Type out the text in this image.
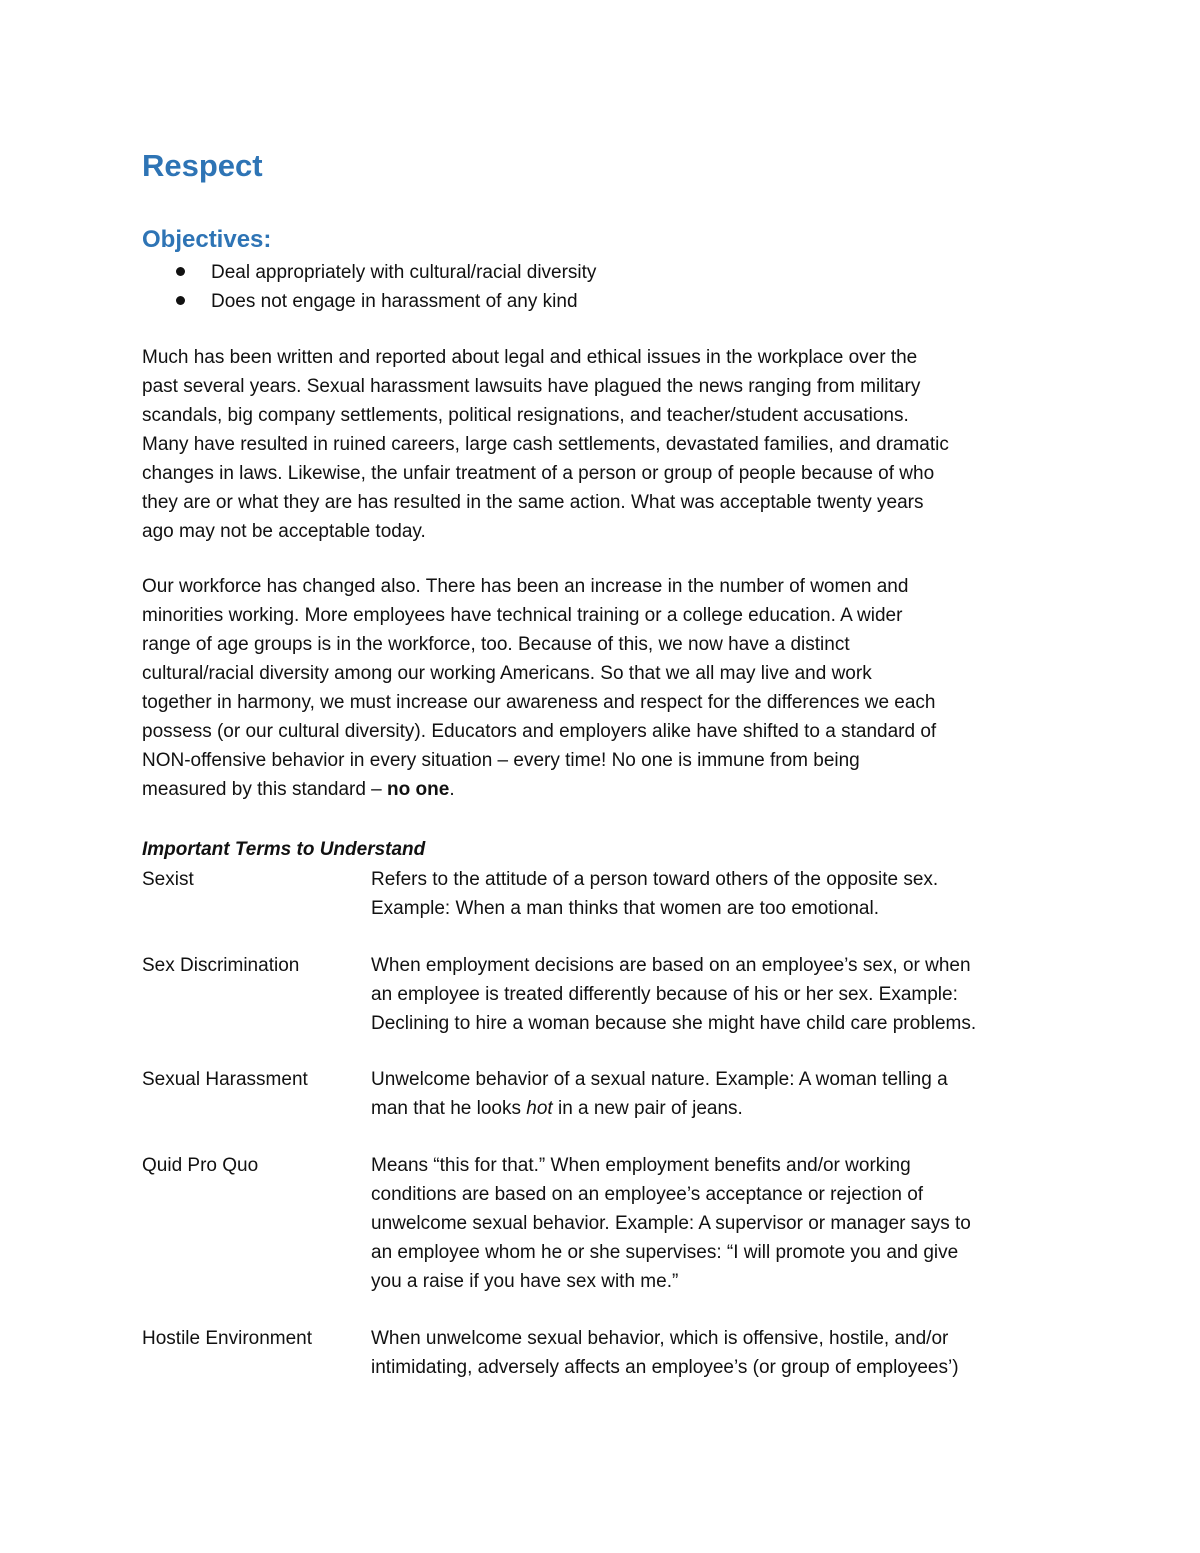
Respect
Objectives:
Deal appropriately with cultural/racial diversity
Does not engage in harassment of any kind

Much has been written and reported about legal and ethical issues in the workplace over the
past several years. Sexual harassment lawsuits have plagued the news ranging from military
scandals, big company settlements, political resignations, and teacher/student accusations.
Many have resulted in ruined careers, large cash settlements, devastated families, and dramatic
changes in laws. Likewise, the unfair treatment of a person or group of people because of who
they are or what they are has resulted in the same action. What was acceptable twenty years
ago may not be acceptable today.

Our workforce has changed also. There has been an increase in the number of women and
minorities working. More employees have technical training or a college education. A wider
range of age groups is in the workforce, too. Because of this, we now have a distinct
cultural/racial diversity among our working Americans. So that we all may live and work
together in harmony, we must increase our awareness and respect for the differences we each
possess (or our cultural diversity). Educators and employers alike have shifted to a standard of
NON-offensive behavior in every situation – every time! No one is immune from being
measured by this standard – no one.

Important Terms to Understand
Sexist	Refers to the attitude of a person toward others of the opposite sex.
Example: When a man thinks that women are too emotional.
Sex Discrimination	When employment decisions are based on an employee’s sex, or when
an employee is treated differently because of his or her sex. Example:
Declining to hire a woman because she might have child care problems.
Sexual Harassment	Unwelcome behavior of a sexual nature. Example: A woman telling a
man that he looks hot in a new pair of jeans.
Quid Pro Quo	Means “this for that.” When employment benefits and/or working
conditions are based on an employee’s acceptance or rejection of
unwelcome sexual behavior. Example: A supervisor or manager says to
an employee whom he or she supervises: “I will promote you and give
you a raise if you have sex with me.”
Hostile Environment	When unwelcome sexual behavior, which is offensive, hostile, and/or
intimidating, adversely affects an employee’s (or group of employees’)
